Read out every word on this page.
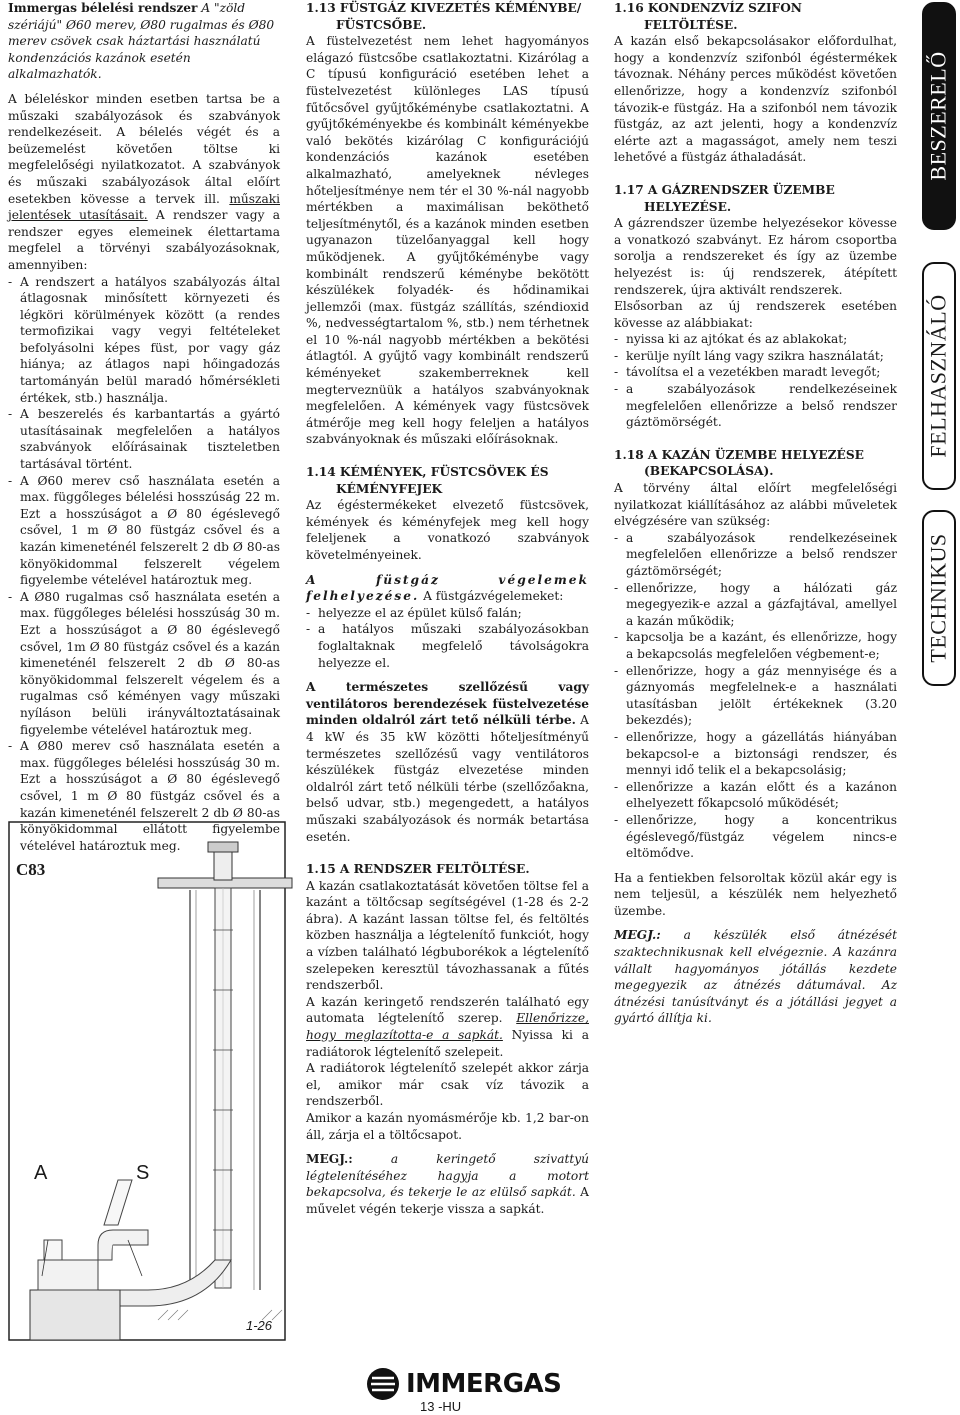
Immergas bélelési rendszer A "zöld szériájú" Ø60 merev, Ø80 rugalmas és Ø80 merev csövek csak háztartási használatú kondenzációs kazánok esetén alkalmazhatók.

A béleléskor minden esetben tartsa be a műszaki szabályozások és szabványok rendelkezéseit. A bélelés végét és a beüzemelést követően töltse ki megfelelőségi nyilatkozatot. A szabványok és műszaki szabályozások által előírt esetekben kövesse a tervek ill. műszaki jelentések utasításait. A rendszer vagy a rendszer egyes elemeinek élettartama megfelel a törvényi szabályozásoknak, amennyiben:

- A rendszert a hatályos szabályozás által átlagosnak minősített környezeti és légköri körülmények között (a rendes termofizikai vagy vegyi feltételeket befolyásolni képes füst, por vagy gáz hiánya; az átlagos napi hőingadozás tartományán belül maradó hőmérsékleti értékek, stb.) használja.

- A beszerelés és karbantartás a gyártó utasításainak megfelelően a hatályos szabványok előírásainak tiszteletben tartásával történt.

- A Ø60 merev cső használata esetén a max. függőleges bélelési hosszúság 22 m. Ezt a hosszúságot a Ø 80 égéslevegő csővel, 1 m Ø 80 füstgáz csővel és a kazán kimeneténél felszerelt 2 db Ø 80-as könyökidommal felszerelt végelem figyelembe vételével határoztuk meg.

- A Ø80 rugalmas cső használata esetén a max. függőleges bélelési hosszúság 30 m. Ezt a hosszúságot a Ø 80 égéslevegő csővel, 1m Ø 80 füstgáz csővel és a kazán kimeneténél felszerelt 2 db Ø 80-as könyökidommal felszerelt végelem és a rugalmas cső kéményen vagy műszaki nyíláson belüli irányváltoztatásainak figyelembe vételével határoztuk meg.

- A Ø80 merev cső használata esetén a max. függőleges bélelési hosszúság 30 m. Ezt a hosszúságot a Ø 80 égéslevegő csővel, 1 m Ø 80 füstgáz csővel és a kazán kimeneténél felszerelt 2 db Ø 80-as könyökidommal ellátott figyelembe vételével határoztuk meg.

C83
A	S
1-26
1.13 FÜSTGÁZ KIVEZETÉS KÉMÉNYBE/
FÜSTCSŐBE.

A füstelvezetést nem lehet hagyományos elágazó füstcsőbe csatlakoztatni. Kizárólag a C típusú konfiguráció esetében lehet a füstelvezetést különleges LAS típusú fűtőcsővel gyűjtőkéménybe csatlakoztatni. A gyűjtőkéményekbe és kombinált kéményekbe való bekötés kizárólag C konfigurációjú kondenzációs kazánok esetében alkalmazható, amelyeknek névleges hőteljesítménye nem tér el 30 %-nál nagyobb mértékben a maximálisan beköthető teljesítménytől, és a kazánok minden esetben ugyanazon tüzelőanyaggal kell hogy működjenek. A gyűjtőkéménybe vagy kombinált rendszerű kéménybe bekötött készülékek folyadék- és hődinamikai jellemzői (max. füstgáz szállítás, széndioxid %, nedvességtartalom %, stb.) nem térhetnek el 10 %-nál nagyobb mértékben a bekötési átlagtól. A gyűjtő vagy kombinált rendszerű kéményeket szakemberreknek kell megterveznüük a hatályos szabványoknak megfelelően. A kémények vagy füstcsövek átmérője meg kell hogy feleljen a hatályos szabványoknak és műszaki előírásoknak.

1.14 KÉMÉNYEK, FÜSTCSÖVEK ÉS
KÉMÉNYFEJEK

Az égéstermékeket elvezető füstcsövek, kémények és kéményfejek meg kell hogy feleljenek a vonatkozó szabványok követelményeinek.

A füstgáz végelemek felhelyezése. A füstgázvégelemeket:

- helyezze el az épület külső falán;

- a hatályos műszaki szabályozásokban foglaltaknak megfelelő távolságokra helyezze el.

A természetes szellőzésű vagy ventilátoros berendezések füstelvezetése minden oldalról zárt tető nélküli térbe. A 4 kW és 35 kW közötti hőteljesítményű természetes szellőzésű vagy ventilátoros készülékek füstgáz elvezetése minden oldalról zárt tető nélküli térbe (szellőzőakna, belső udvar, stb.) megengedett, a hatályos műszaki szabályozások és normák betartása esetén.

1.15 A RENDSZER FELTÖLTÉSE.

A kazán csatlakoztatását követően töltse fel a kazánt a töltőcsap segítségével (1-28 és 2-2 ábra). A kazánt lassan töltse fel, és feltöltés közben használja a légtelenítő funkciót, hogy a vízben található légbuborékok a légtelenítő szelepeken keresztül távozhassanak a fűtés rendszerből.

A kazán keringető rendszerén található egy automata légtelenítő szerep. Ellenőrizze, hogy meglazította-e a sapkát. Nyissa ki a radiátorok légtelenítő szelepeit.

A radiátorok légtelenítő szelepét akkor zárja el, amikor már csak víz távozik a rendszerből.

Amikor a kazán nyomásmérője kb. 1,2 bar-on áll, zárja el a töltőcsapot.

MEGJ.: a keringető szivattyú légtelenítéséhez hagyja a motort bekapcsolva, és tekerje le az elülső sapkát. A művelet végén tekerje vissza a sapkát.

1.16 KONDENZVÍZ SZIFON
FELTÖLTÉSE.

A kazán első bekapcsolásakor előfordulhat, hogy a kondenzvíz szifonból égéstermékek távoznak. Néhány perces működést követően ellenőrizze, hogy a kondenzvíz szifonból távozik-e füstgáz. Ha a szifonból nem távozik füstgáz, az azt jelenti, hogy a kondenzvíz elérte azt a magasságot, amely nem teszi lehetővé a füstgáz áthaladását.

1.17 A GÁZRENDSZER ÜZEMBE
HELYEZÉSE.

A gázrendszer üzembe helyezésekor kövesse a vonatkozó szabványt. Ez három csoportba sorolja a rendszereket és így az üzembe helyezést is: új rendszerek, átépített rendszerek, újra aktivált rendszerek.

Elsősorban az új rendszerek esetében kövesse az alábbiakat:

- nyissa ki az ajtókat és az ablakokat;

- kerülje nyílt láng vagy szikra használatát;

- távolítsa el a vezetékben maradt levegőt;

- a szabályozások rendelkezéseinek megfelelően ellenőrizze a belső rendszer gáztömörségét.

1.18 A KAZÁN ÜZEMBE HELYEZÉSE
(BEKAPCSOLÁSA).

A törvény által előírt megfelelőségi nyilatkozat kiállításához az alábbi műveletek elvégzésére van szükség:

- a szabályozások rendelkezéseinek megfelelően ellenőrizze a belső rendszer gáztömörségét;

- ellenőrizze, hogy a hálózati gáz megegyezik-e azzal a gázfajtával, amellyel a kazán működik;

- kapcsolja be a kazánt, és ellenőrizze, hogy a bekapcsolás megfelelően végbement-e;

- ellenőrizze, hogy a gáz mennyisége és a gáznyomás megfelelnek-e a használati utasításban jelölt értékeknek (3.20 bekezdés);

- ellenőrizze, hogy a gázellátás hiányában bekapcsol-e a biztonsági rendszer, és mennyi idő telik el a bekapcsolásig;

- ellenőrizze a kazán előtt és a kazánon elhelyezett főkapcsoló működését;

- ellenőrizze, hogy a koncentrikus égéslevegő/füstgáz végelem nincs-e eltömődve.

Ha a fentiekben felsoroltak közül akár egy is nem teljesül, a készülék nem helyezhető üzembe.

MEGJ.: a készülék első átnézését szaktechnikusnak kell elvégeznie. A kazánra vállalt hagyományos jótállás kezdete megegyezik az átnézés dátumával. Az átnézési tanúsítványt és a jótállási jegyet a gyártó állítja ki.

BESZERELŐ
FELHASZNÁLÓ
TECHNIKUS
IMMERGAS
13 -HU
